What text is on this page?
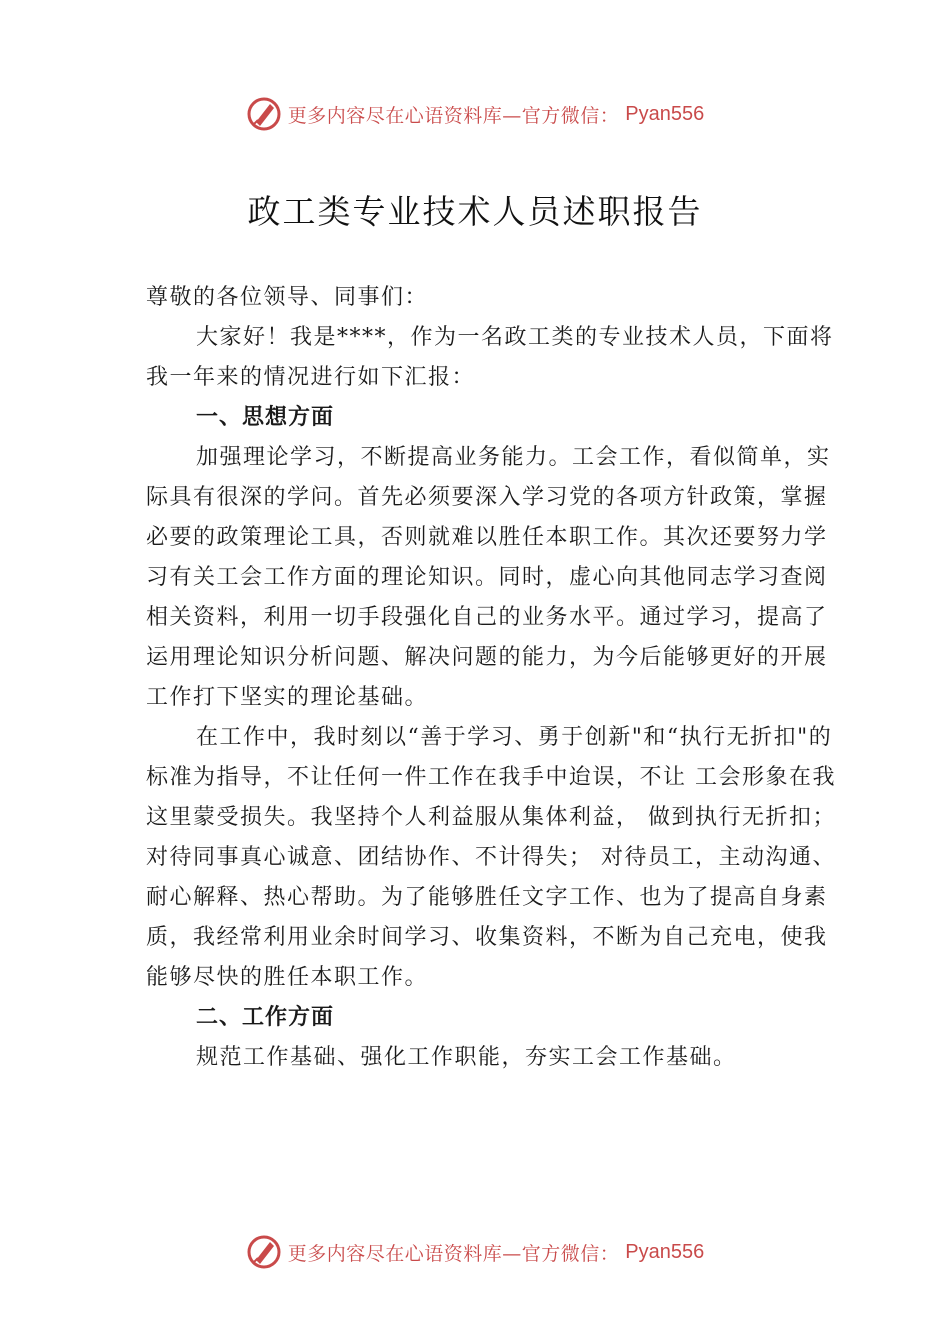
更多内容尽在心语资料库—官方微信： Pyan556
政工类专业技术人员述职报告

尊敬的各位领导、同事们：

大家好！我是****，作为一名政工类的专业技术人员，下面将我一年来的情况进行如下汇报：

一、思想方面

加强理论学习，不断提高业务能力。工会工作，看似简单，实际具有很深的学问。首先必须要深入学习党的各项方针政策，掌握必要的政策理论工具，否则就难以胜任本职工作。其次还要努力学习有关工会工作方面的理论知识。同时，虚心向其他同志学习查阅相关资料，利用一切手段强化自己的业务水平。通过学习，提高了运用理论知识分析问题、解决问题的能力，为今后能够更好的开展工作打下坚实的理论基础。

在工作中，我时刻以“善于学习、勇于创新"和“执行无折扣"的标准为指导，不让任何一件工作在我手中迨误，不让 工会形象在我这里蒙受损失。我坚持个人利益服从集体利益， 做到执行无折扣；对待同事真心诚意、团结协作、不计得失； 对待员工，主动沟通、耐心解释、热心帮助。为了能够胜任文字工作、也为了提高自身素质，我经常利用业余时间学习、收集资料，不断为自己充电，使我能够尽快的胜任本职工作。

二、工作方面

规范工作基础、强化工作职能，夯实工会工作基础。

更多内容尽在心语资料库—官方微信： Pyan556
